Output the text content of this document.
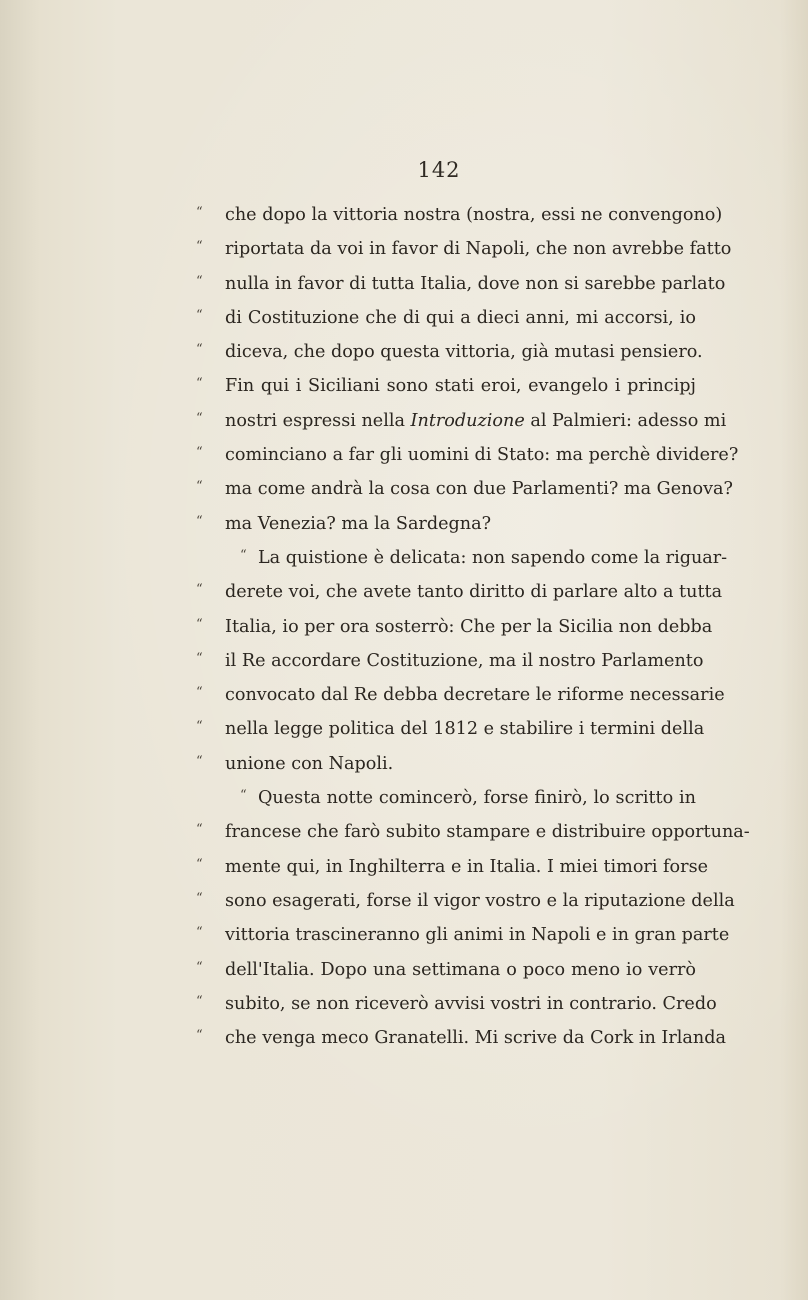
142
“	che dopo la vittoria nostra (nostra, essi ne convengono)
“	riportata da voi in favor di Napoli, che non avrebbe fatto
“	nulla in favor di tutta Italia, dove non si sarebbe parlato
“	di Costituzione che di qui a dieci anni, mi accorsi, io
“	diceva, che dopo questa vittoria, già mutasi pensiero.
“	Fin qui i Siciliani sono stati eroi, evangelo i principj
“	nostri espressi nella Introduzione al Palmieri: adesso mi
“	cominciano a far gli uomini di Stato: ma perchè dividere?
“	ma come andrà la cosa con due Parlamenti? ma Genova?
“	ma Venezia? ma la Sardegna?
“ La quistione è delicata: non sapendo come la riguar-
“	derete voi, che avete tanto diritto di parlare alto a tutta
“	Italia, io per ora sosterrò: Che per la Sicilia non debba
“	il Re accordare Costituzione, ma il nostro Parlamento
“	convocato dal Re debba decretare le riforme necessarie
“	nella legge politica del 1812 e stabilire i termini della
“	unione con Napoli.
“ Questa notte comincerò, forse finirò, lo scritto in
“	francese che farò subito stampare e distribuire opportuna-
“	mente qui, in Inghilterra e in Italia. I miei timori forse
“	sono esagerati, forse il vigor vostro e la riputazione della
“	vittoria trascineranno gli animi in Napoli e in gran parte
“	dell'Italia. Dopo una settimana o poco meno io verrò
“	subito, se non riceverò avvisi vostri in contrario. Credo
“	che venga meco Granatelli. Mi scrive da Cork in Irlanda
